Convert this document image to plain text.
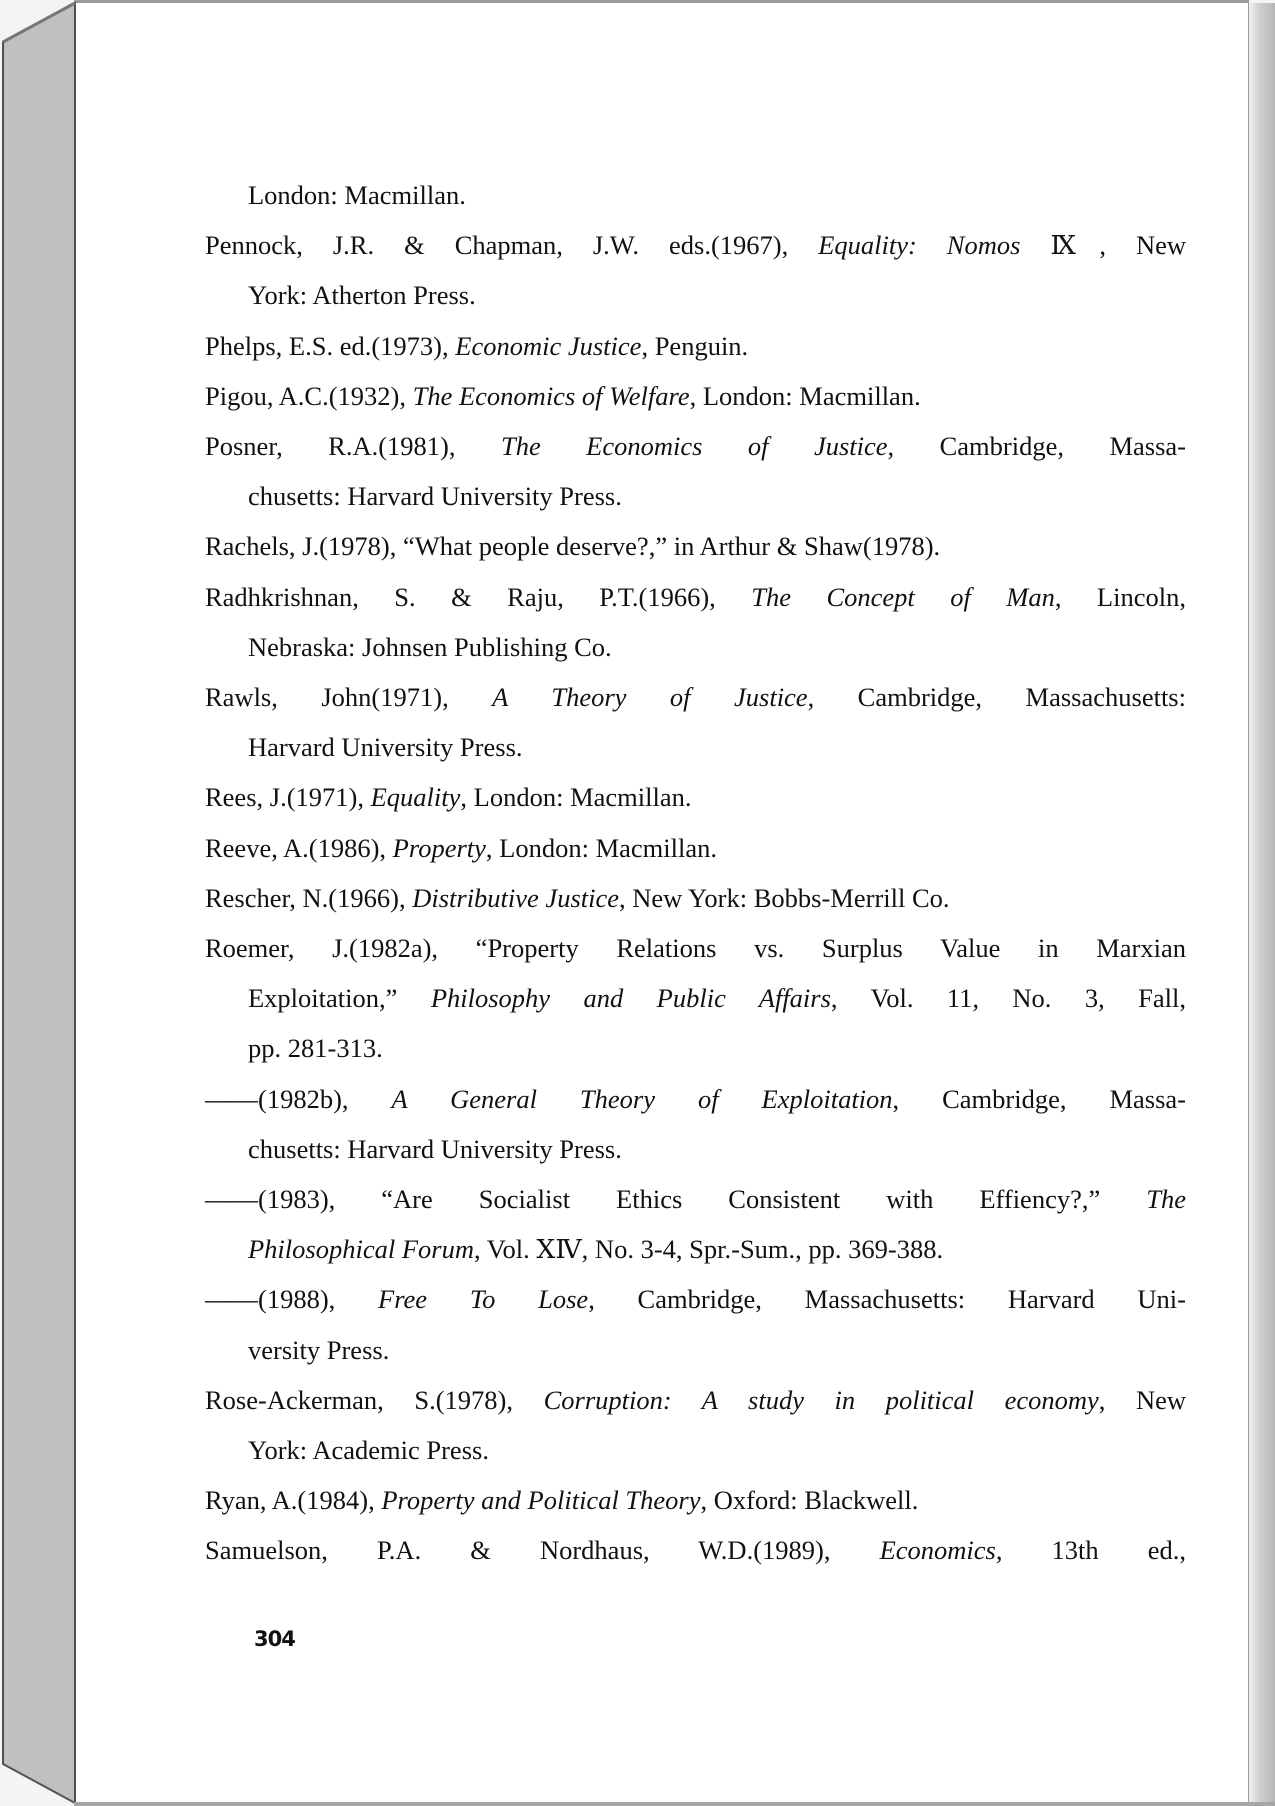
London: Macmillan.
Pennock, J.R. & Chapman, J.W. eds.(1967), Equality: Nomos Ⅸ, New
York: Atherton Press.
Phelps, E.S. ed.(1973), Economic Justice, Penguin.
Pigou, A.C.(1932), The Economics of Welfare, London: Macmillan.
Posner, R.A.(1981), The Economics of Justice, Cambridge, Massa-
chusetts: Harvard University Press.
Rachels, J.(1978), “What people deserve?,” in Arthur & Shaw(1978).
Radhkrishnan, S. & Raju, P.T.(1966), The Concept of Man, Lincoln,
Nebraska: Johnsen Publishing Co.
Rawls, John(1971), A Theory of Justice, Cambridge, Massachusetts:
Harvard University Press.
Rees, J.(1971), Equality, London: Macmillan.
Reeve, A.(1986), Property, London: Macmillan.
Rescher, N.(1966), Distributive Justice, New York: Bobbs-Merrill Co.
Roemer, J.(1982a), “Property Relations vs. Surplus Value in Marxian
Exploitation,” Philosophy and Public Affairs, Vol. 11, No. 3, Fall,
pp. 281-313.
——(1982b), A General Theory of Exploitation, Cambridge, Massa-
chusetts: Harvard University Press.
——(1983), “Are Socialist Ethics Consistent with Effiency?,” The
Philosophical Forum, Vol. ⅩⅣ, No. 3-4, Spr.-Sum., pp. 369-388.
——(1988), Free To Lose, Cambridge, Massachusetts: Harvard Uni-
versity Press.
Rose-Ackerman, S.(1978), Corruption: A study in political economy, New
York: Academic Press.
Ryan, A.(1984), Property and Political Theory, Oxford: Blackwell.
Samuelson, P.A. & Nordhaus, W.D.(1989), Economics, 13th ed.,
304
